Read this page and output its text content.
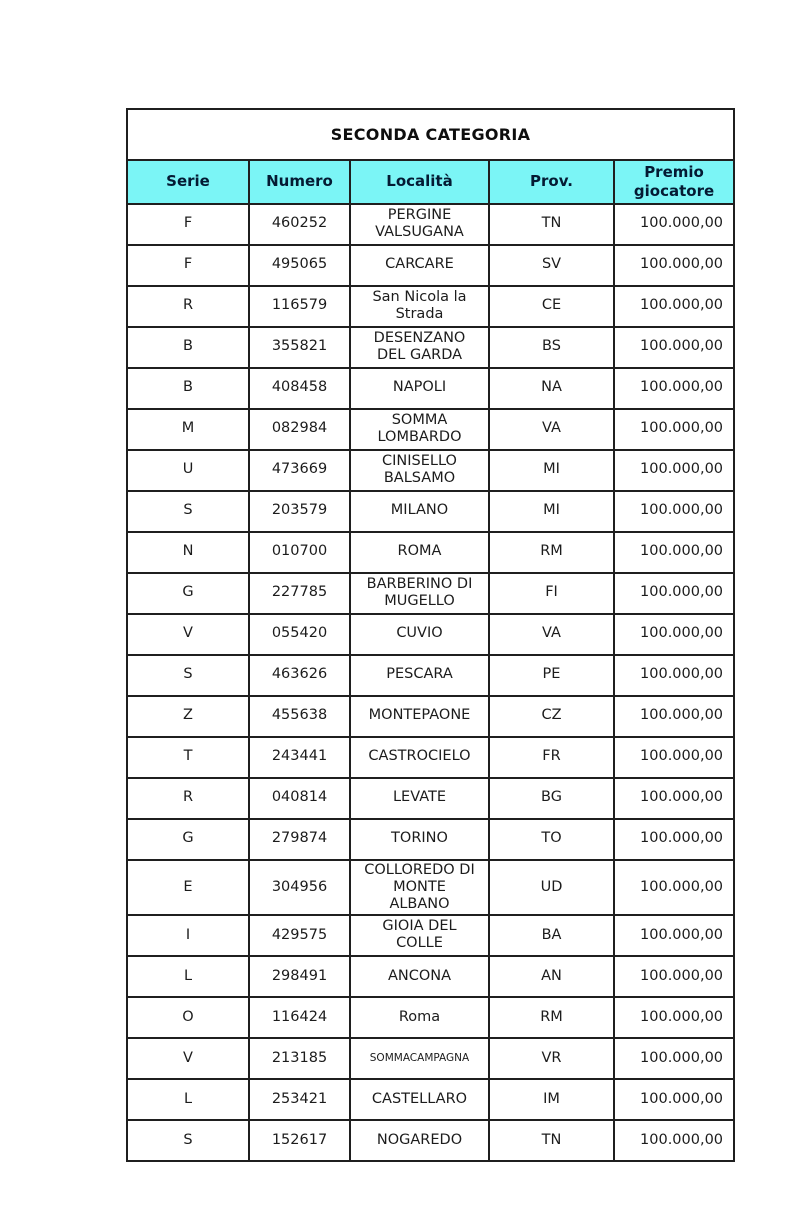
SECONDA CATEGORIA				
Serie	Numero	Località	Prov.	Premio giocatore
F	460252	PERGINE VALSUGANA	TN	100.000,00
F	495065	CARCARE	SV	100.000,00
R	116579	San Nicola la Strada	CE	100.000,00
B	355821	DESENZANO DEL GARDA	BS	100.000,00
B	408458	NAPOLI	NA	100.000,00
M	082984	SOMMA LOMBARDO	VA	100.000,00
U	473669	CINISELLO BALSAMO	MI	100.000,00
S	203579	MILANO	MI	100.000,00
N	010700	ROMA	RM	100.000,00
G	227785	BARBERINO DI MUGELLO	FI	100.000,00
V	055420	CUVIO	VA	100.000,00
S	463626	PESCARA	PE	100.000,00
Z	455638	MONTEPAONE	CZ	100.000,00
T	243441	CASTROCIELO	FR	100.000,00
R	040814	LEVATE	BG	100.000,00
G	279874	TORINO	TO	100.000,00
E	304956	COLLOREDO DI MONTE ALBANO	UD	100.000,00
I	429575	GIOIA DEL COLLE	BA	100.000,00
L	298491	ANCONA	AN	100.000,00
O	116424	Roma	RM	100.000,00
V	213185	SOMMACAMPAGNA	VR	100.000,00
L	253421	CASTELLARO	IM	100.000,00
S	152617	NOGAREDO	TN	100.000,00
